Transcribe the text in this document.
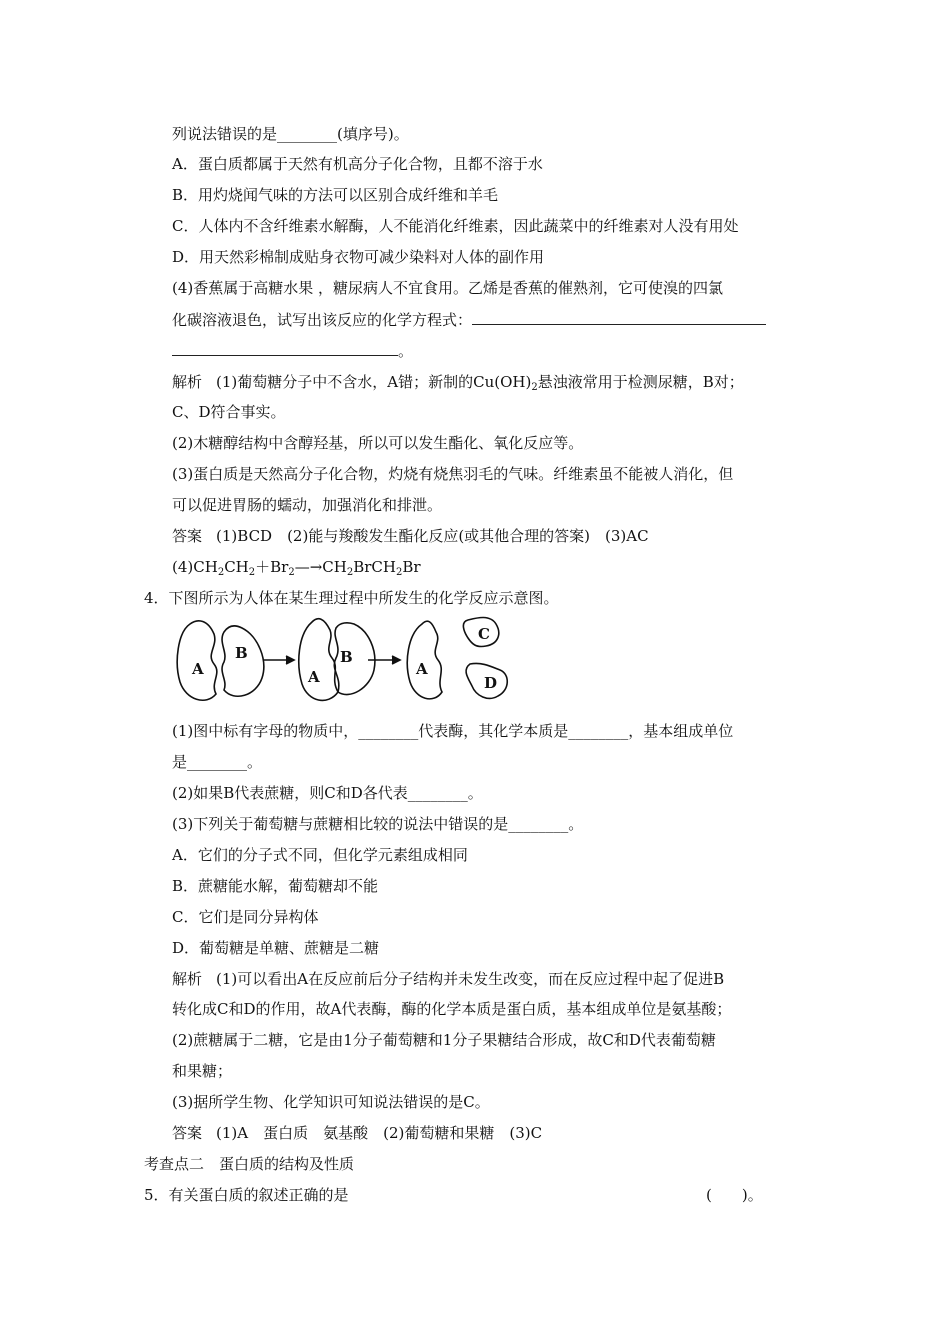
列说法错误的是________(填序号)。
A．蛋白质都属于天然有机高分子化合物，且都不溶于水
B．用灼烧闻气味的方法可以区别合成纤维和羊毛
C．人体内不含纤维素水解酶，人不能消化纤维素，因此蔬菜中的纤维素对人没有用处
D．用天然彩棉制成贴身衣物可减少染料对人体的副作用
(4)香蕉属于高糖水果 ，糖尿病人不宜食用。乙烯是香蕉的催熟剂，它可使溴的四氯
化碳溶液退色，试写出该反应的化学方程式：
。
解析 (1)葡萄糖分子中不含水，A错；新制的$Cu(OH)_2$悬浊液常用于检测尿糖，B对；
C、D符合事实。
(2)木糖醇结构中含醇羟基，所以可以发生酯化、氧化反应等。
(3)蛋白质是天然高分子化合物，灼烧有烧焦羽毛的气味。纤维素虽不能被人消化，但
可以促进胃肠的蠕动，加强消化和排泄。
答案 (1)BCD　(2)能与羧酸发生酯化反应(或其他合理的答案)　(3)AC
$(4)CH_2CH_2+Br_2—\to CH_2BrCH_2Br$
4．下图所示为人体在某生理过程中所发生的化学反应示意图。
A
B
A
B
A
C
D
(1)图中标有字母的物质中，________代表酶，其化学本质是________，基本组成单位
是________。
(2)如果B代表蔗糖，则C和D各代表________。
(3)下列关于葡萄糖与蔗糖相比较的说法中错误的是________。
A．它们的分子式不同，但化学元素组成相同
B．蔗糖能水解，葡萄糖却不能
C．它们是同分异构体
D．葡萄糖是单糖、蔗糖是二糖
解析 (1)可以看出A在反应前后分子结构并未发生改变，而在反应过程中起了促进B
转化成C和D的作用，故A代表酶，酶的化学本质是蛋白质，基本组成单位是氨基酸；
(2)蔗糖属于二糖，它是由1分子葡萄糖和1分子果糖结合形成，故C和D代表葡萄糖
和果糖；
(3)据所学生物、化学知识可知说法错误的是C。
答案 (1)A　蛋白质　氨基酸　(2)葡萄糖和果糖　(3)C
考查点二　蛋白质的结构及性质
5．有关蛋白质的叙述正确的是	(　　)。
